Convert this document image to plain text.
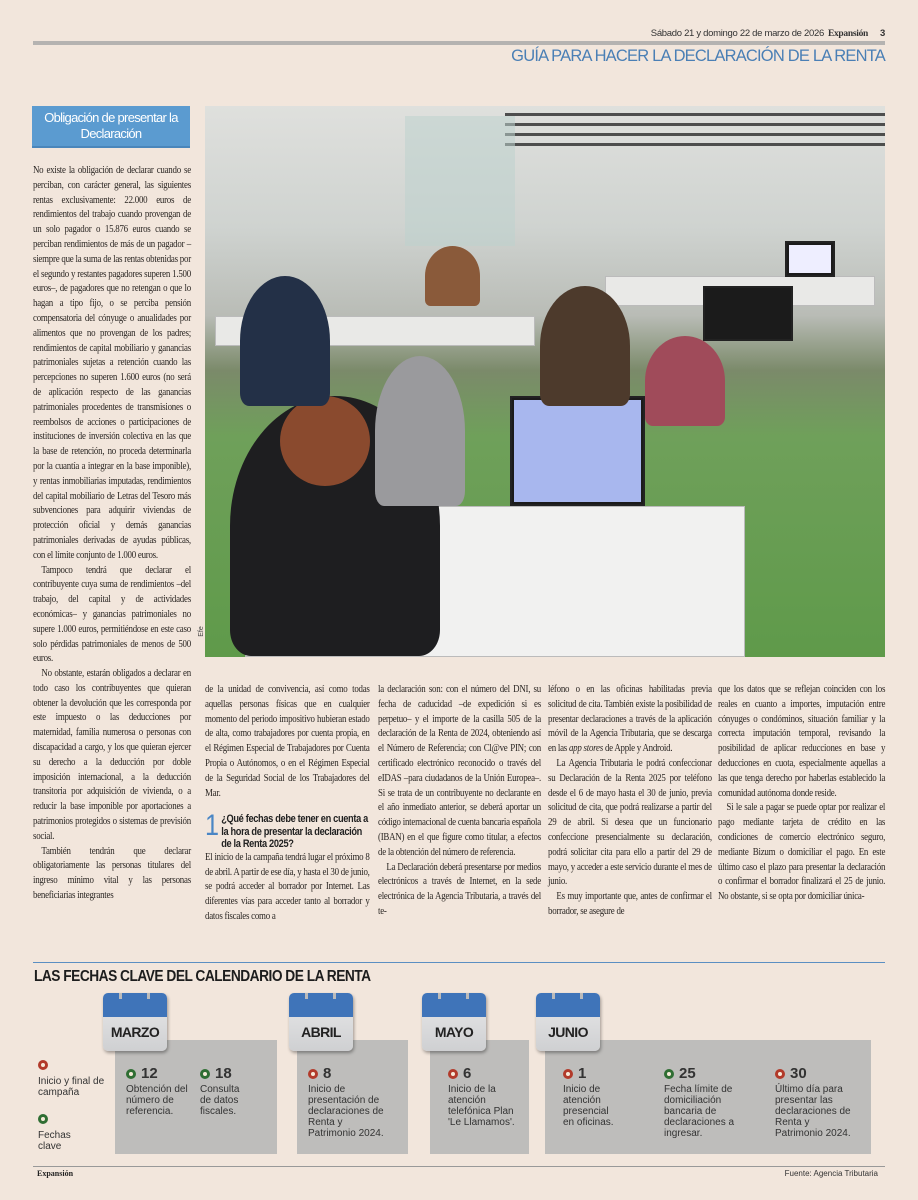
Sábado 21 y domingo 22 de marzo de 2026 Expansión 3
GUÍA PARA HACER LA DECLARACIÓN DE LA RENTA
Obligación de presentar la Declaración
Efe

No existe la obligación de declarar cuando se perciban, con carácter general, las siguientes rentas exclusivamente: 22.000 euros de rendimientos del trabajo cuando provengan de un solo pagador o 15.876 euros cuando se perciban rendimientos de más de un pagador –siempre que la suma de las rentas obtenidas por el segundo y restantes pagadores superen 1.500 euros–, de pagadores que no retengan o que lo hagan a tipo fijo, o se perciba pensión compensatoria del cónyuge o anualidades por alimentos que no provengan de los padres; rendimientos de capital mobiliario y ganancias patrimoniales sujetas a retención cuando las percepciones no superen 1.600 euros (no será de aplicación respecto de las ganancias patrimoniales procedentes de transmisiones o reembolsos de acciones o participaciones de instituciones de inversión colectiva en las que la base de retención, no proceda determinarla por la cuantía a integrar en la base imponible), y rentas inmobiliarias imputadas, rendimientos del capital mobiliario de Letras del Tesoro más subvenciones para adquirir viviendas de protección oficial y demás ganancias patrimoniales derivadas de ayudas públicas, con el límite conjunto de 1.000 euros.

Tampoco tendrá que declarar el contribuyente cuya suma de rendimientos –del trabajo, del capital y de actividades económicas– y ganancias patrimoniales no supere 1.000 euros, permitiéndose en este caso solo pérdidas patrimoniales de menos de 500 euros.

No obstante, estarán obligados a declarar en todo caso los contribuyentes que quieran obtener la devolución que les corresponda por este impuesto o las deducciones por maternidad, familia numerosa o personas con discapacidad a cargo, y los que quieran ejercer su derecho a la deducción por doble imposición internacional, a la deducción transitoria por adquisición de vivienda, o a reducir la base imponible por aportaciones a patrimonios protegidos o sistemas de previsión social.

También tendrán que declarar obligatoriamente las personas titulares del ingreso mínimo vital y las personas beneficiarias integrantes

de la unidad de convivencia, así como todas aquellas personas físicas que en cualquier momento del periodo impositivo hubieran estado de alta, como trabajadores por cuenta propia, en el Régimen Especial de Trabajadores por Cuenta Propia o Autónomos, o en el Régimen Especial de la Seguridad Social de los Trabajadores del Mar.

1 ¿Qué fechas debe tener en cuenta a la hora de presentar la declaración de la Renta 2025?

El inicio de la campaña tendrá lugar el próximo 8 de abril. A partir de ese día, y hasta el 30 de junio, se podrá acceder al borrador por Internet. Las diferentes vías para acceder tanto al borrador y datos fiscales como a

la declaración son: con el número del DNI, su fecha de caducidad –de expedición si es perpetuo– y el importe de la casilla 505 de la declaración de la Renta de 2024, obteniendo así el Número de Referencia; con Cl@ve PIN; con certificado electrónico reconocido o través del eIDAS –para ciudadanos de la Unión Europea–. Si se trata de un contribuyente no declarante en el año inmediato anterior, se deberá aportar un código internacional de cuenta bancaria española (IBAN) en el que figure como titular, a efectos de la obtención del número de referencia.

La Declaración deberá presentarse por medios electrónicos a través de Internet, en la sede electrónica de la Agencia Tributaria, a través del te-

léfono o en las oficinas habilitadas previa solicitud de cita. También existe la posibilidad de presentar declaraciones a través de la aplicación móvil de la Agencia Tributaria, que se descarga en las app stores de Apple y Android.

La Agencia Tributaria le podrá confeccionar su Declaración de la Renta 2025 por teléfono desde el 6 de mayo hasta el 30 de junio, previa solicitud de cita, que podrá realizarse a partir del 29 de abril. Si desea que un funcionario confeccione presencialmente su declaración, podrá solicitar cita para ello a partir del 29 de mayo, y acceder a este servicio durante el mes de junio.

Es muy importante que, antes de confirmar el borrador, se asegure de

que los datos que se reflejan coinciden con los reales en cuanto a importes, imputación entre cónyuges o condóminos, situación familiar y la correcta imputación temporal, revisando la posibilidad de aplicar reducciones en base y deducciones en cuota, especialmente aquellas a las que tenga derecho por haberlas establecido la comunidad autónoma donde reside.

Si le sale a pagar se puede optar por realizar el pago mediante tarjeta de crédito en las condiciones de comercio electrónico seguro, mediante Bizum o domiciliar el pago. En este último caso el plazo para presentar la declaración o confirmar el borrador finalizará el 25 de junio. No obstante, si se opta por domiciliar única-

LAS FECHAS CLAVE DEL CALENDARIO DE LA RENTA
Inicio y final de campaña
Fechas clave
MARZO	ABRIL	MAYO	JUNIO
12
Obtención del número de referencia.
18
Consulta de datos fiscales.
8
Inicio de presentación de declaraciones de Renta y Patrimonio 2024.
6
Inicio de la atención telefónica Plan 'Le Llamamos'.
1
Inicio de atención presencial en oficinas.
25
Fecha límite de domiciliación bancaria de declaraciones a ingresar.
30
Último día para presentar las declaraciones de Renta y Patrimonio 2024.
Expansión	Fuente: Agencia Tributaria
